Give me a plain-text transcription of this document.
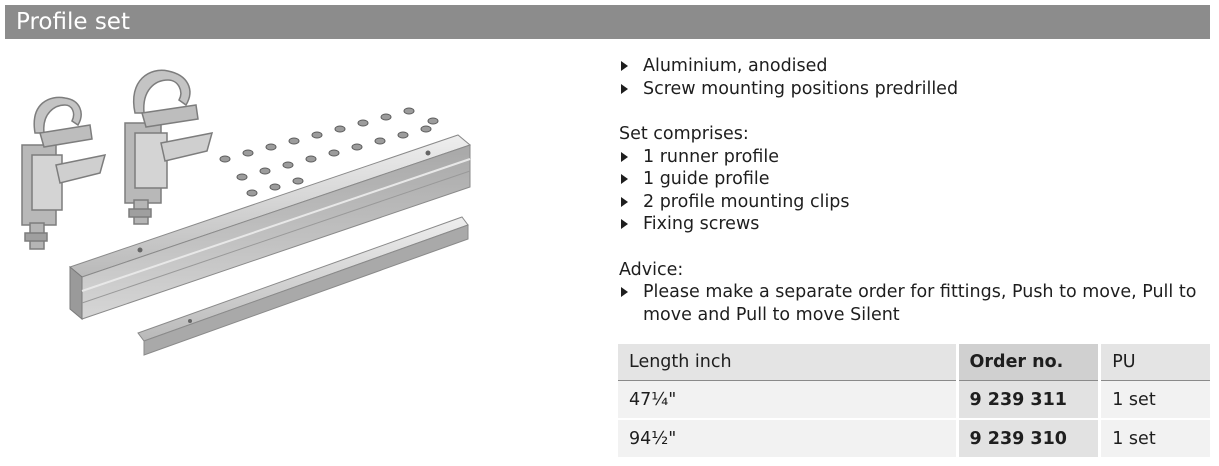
Profile set
Aluminium, anodised
Screw mounting positions predrilled
Set comprises:
1 runner profile
1 guide profile
2 profile mounting clips
Fixing screws
Advice:
Please make a separate order for fittings, Push to move, Pull to move and Pull to move Silent
Length inch	Order no.	PU
47¼"	9 239 311	1 set
94½"	9 239 310	1 set
